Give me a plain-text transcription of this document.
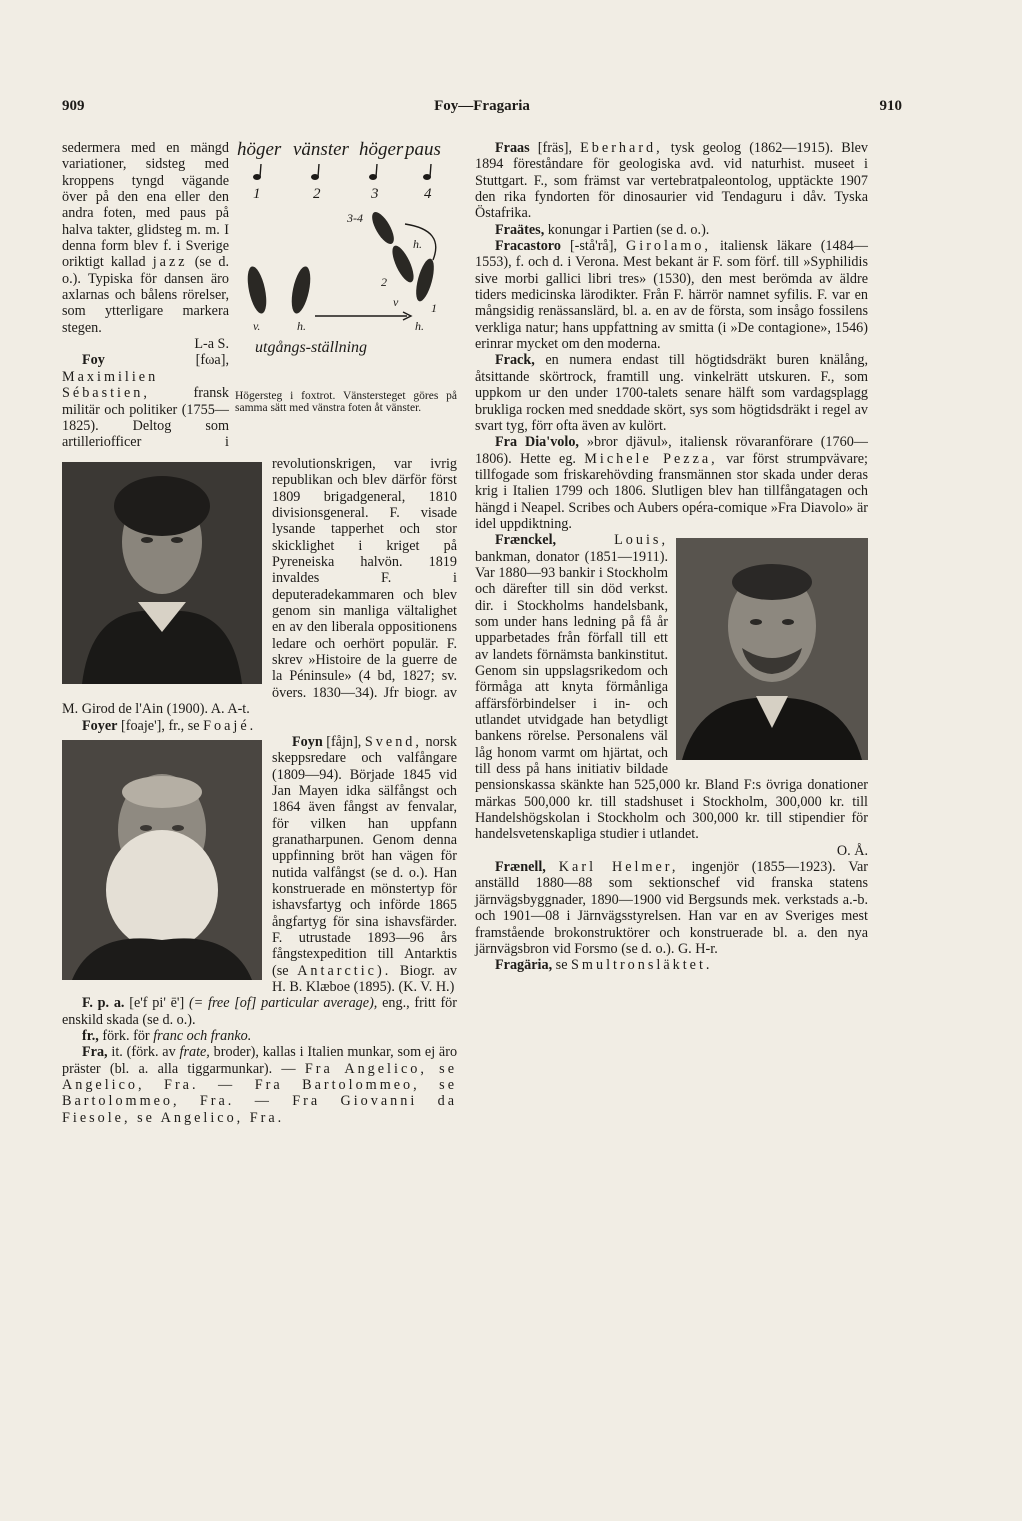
909	Foy—Fragaria	910
höger vänster höger paus
1	2	3	4
3-4
h.
2
v	1
v.	h.	h.
utgångs-ställning
Högersteg i foxtrot. Vänstersteget göres på samma sätt med vänstra foten åt vänster.

sedermera med en mängd variationer, sidsteg med kroppens tyngd vägande över på den ena eller den andra foten, med paus på halva takter, glidsteg m. m. I denna form blev f. i Sverige oriktigt kallad jazz (se d. o.). Typiska för dansen äro axlarnas och bålens rörelser, som ytterligare markera stegen.

L-a S.

Foy	[fωa], Maximilien Sébastien,	fransk militär och politiker (1755—1825). Deltog som artilleriofficer i revolutionskrigen, var ivrig republikan och blev därför först 1809 brigadgeneral, 1810 divisionsgeneral. F. visade lysande tapperhet och stor skicklighet i kriget på Pyreneiska halvön. 1819 invaldes F. i deputeradekammaren och blev genom sin manliga vältalighet en av den liberala oppositionens ledare och oerhört populär. F. skrev »Histoire de la guerre de la Péninsule» (4 bd, 1827; sv. övers. 1830—34). Jfr biogr. av M. Girod de l'Ain (1900). A. A-t.

Foyer [foaje'], fr., se Foajé.

Foyn [fåjn], Svend, norsk skeppsredare och valfångare (1809—94). Började 1845 vid Jan Mayen idka sälfångst och 1864 även fångst av fenvalar, för vilken han uppfann granatharpunen. Genom denna uppfinning bröt han vägen för nutida valfångst (se d. o.). Han konstruerade en mönstertyp för ishavsfartyg och införde 1865 ångfartyg för sina ishavsfärder. F. utrustade 1893—96 års fångstexpedition till Antarktis (se Antarctic). Biogr. av H. B. Klæboe (1895). (K. V. H.)

F. p. a. [e'f pi' ē'] (= free [of] particular average), eng., fritt för enskild skada (se d. o.).

fr., förk. för franc och franko.

Fra, it. (förk. av frate, broder), kallas i Italien munkar, som ej äro präster (bl. a. alla tiggarmunkar). — Fra Angelico, se Angelico, Fra. — Fra Bartolommeo, se Bartolommeo, Fra. — Fra Giovanni da Fiesole, se Angelico, Fra.

Fraas [fräs], Eberhard, tysk geolog (1862—1915). Blev 1894 föreståndare för geologiska avd. vid naturhist. museet i Stuttgart. F., som främst var vertebratpaleontolog, upptäckte 1907 den rika fyndorten för dinosaurier vid Tendaguru i dåv. Tyska Östafrika.

Fraätes, konungar i Partien (se d. o.).

Fracastoro [-stå'rå], Girolamo, italiensk läkare (1484—1553), f. och d. i Verona. Mest bekant är F. som förf. till »Syphilidis sive morbi gallici libri tres» (1530), den mest berömda av äldre tiders medicinska lärodikter. Från F. härrör namnet syfilis. F. var en mångsidig renässanslärd, bl. a. en av de första, som insågo fossilens verkliga natur; hans uppfattning av smitta (i »De contagione», 1546) erinrar mycket om den moderna.

Frack, en numera endast till högtidsdräkt buren knälång, åtsittande skörtrock, framtill ung. vinkelrätt utskuren. F., som uppkom ur den under 1700-talets senare hälft som vardagsplagg brukliga rocken med sneddade skört, sys som högtidsdräkt i regel av svart tyg, förr ofta även av kulört.

Fra Dia'volo, »bror djävul», italiensk rövaranförare (1760—1806). Hette eg. Michele Pezza, var först strumpvävare; tillfogade som friskarehövding fransmännen stor skada under deras krig i Italien 1799 och 1806. Slutligen blev han tillfångatagen och hängd i Neapel. Scribes och Aubers opéra-comique »Fra Diavolo» är idel uppdiktning.

Frænckel,	Louis,
bankman, donator (1851—1911). Var 1880—93 bankir i Stockholm och därefter till sin död verkst. dir. i Stockholms handelsbank, som under hans ledning på få år upparbetades från förfall till ett av landets förnämsta bankinstitut. Genom sin uppslagsrikedom och förmåga att knyta förmånliga affärsförbindelser i in- och utlandet utvidgade han betydligt bankens rörelse. Personalens väl låg honom varmt om hjärtat, och till dess på hans initiativ bildade pensionskassa skänkte han 525,000 kr. Bland F:s övriga donationer märkas 500,000 kr. till stadshuset i Stockholm, 300,000 kr. till Handelshögskolan i Stockholm och 300,000 kr. till stipendier för handelsvetenskapliga studier i utlandet.

O. Å.

Frænell, Karl Helmer, ingenjör (1855—1923). Var anställd 1880—88 som sektionschef vid franska statens järnvägsbyggnader, 1890—1900 vid Bergsunds mek. verkstads a.-b. och 1901—08 i Järnvägsstyrelsen. Han var en av Sveriges mest framstående brokonstruktörer och konstruerade bl. a. den nya järnvägsbron vid Forsmo (se d. o.). G. H-r.

Fragäria, se Smultronsläktet.
